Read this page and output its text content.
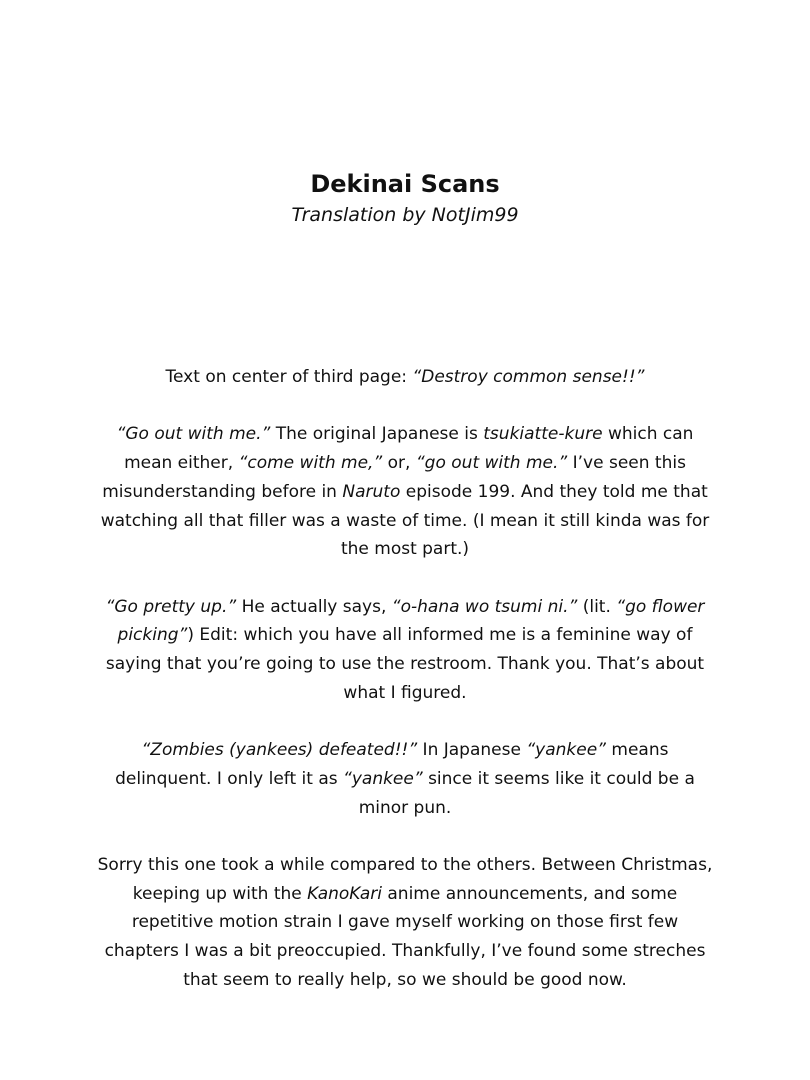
Dekinai Scans
Translation by NotJim99

Text on center of third page: “Destroy common sense!!”

“Go out with me.” The original Japanese is tsukiatte-kure which can mean either, “come with me,” or, “go out with me.” I’ve seen this misunderstanding before in Naruto episode 199. And they told me that watching all that filler was a waste of time. (I mean it still kinda was for the most part.)

“Go pretty up.” He actually says, “o-hana wo tsumi ni.” (lit. “go flower picking”) Edit: which you have all informed me is a feminine way of saying that you’re going to use the restroom. Thank you. That’s about what I figured.

“Zombies (yankees) defeated!!” In Japanese “yankee” means delinquent. I only left it as “yankee” since it seems like it could be a minor pun.

Sorry this one took a while compared to the others. Between Christmas, keeping up with the KanoKari anime announcements, and some repetitive motion strain I gave myself working on those first few chapters I was a bit preoccupied. Thankfully, I’ve found some streches that seem to really help, so we should be good now.
